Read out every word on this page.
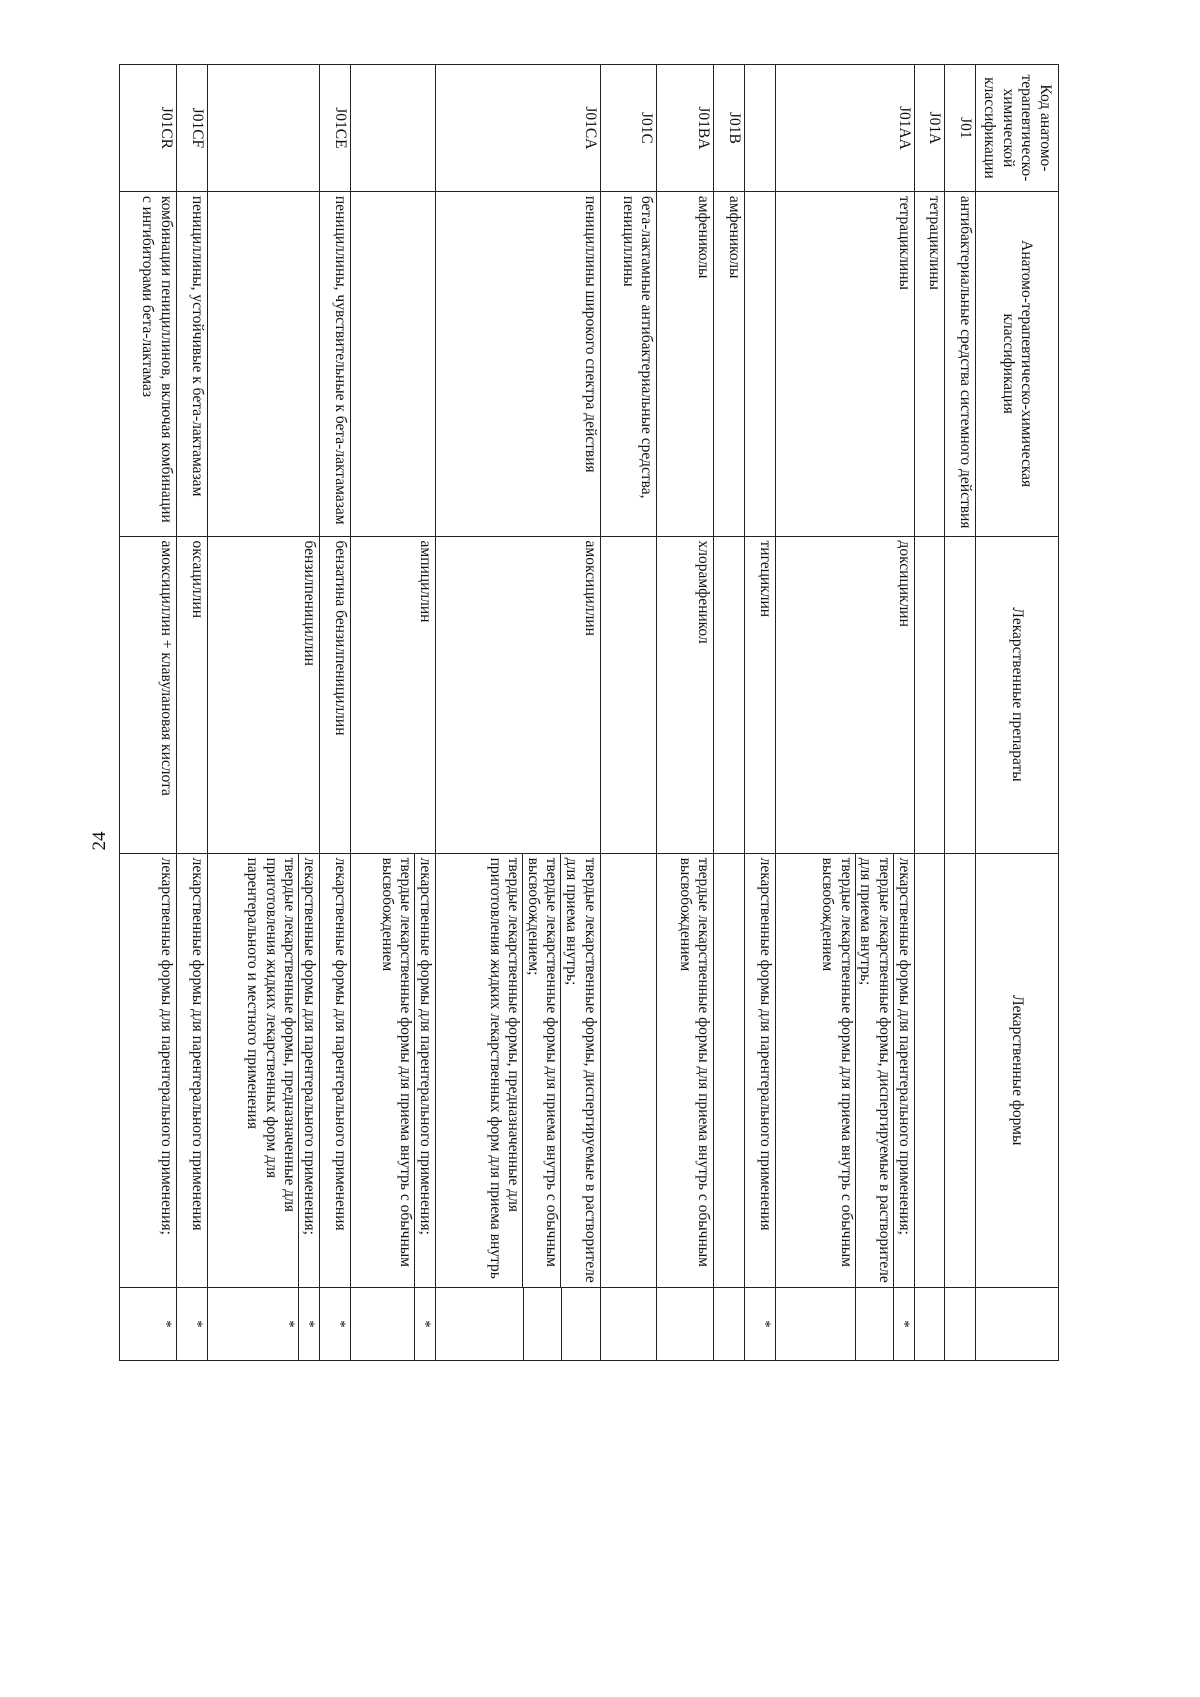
24
Код анатомо-терапевтическо-химической классификации	Анатомо-терапевтическо-химическая классификация	Лекарственные препараты	Лекарственные формы	
J01	антибактериальные средства системного действия		

J01A	тетрациклины		

J01AA	тетрациклины	доксициклин	лекарственные формы для парентерального применения;
твердые лекарственные формы, диспергируемые в растворителе для приема внутрь;
твердые лекарственные формы для приема внутрь с обычным высвобождением	*

		тигециклин	лекарственные формы для парентерального применения	*

J01B	амфениколы		

J01BA	амфениколы	хлорамфеникол	твердые лекарственные формы для приема внутрь с обычным высвобождением	

J01C	бета-лактамные антибактериальные средства, пенициллины		

J01CA	пенициллины широкого спектра действия	амоксициллин	твердые лекарственные формы, диспергируемые в растворителе для приема внутрь;
твердые лекарственные формы для приема внутрь с обычным высвобождением;
твердые лекарственные формы, предназначенные для приготовления жидких лекарственных форм для приема внутрь	

		ампициллин	лекарственные формы для парентерального применения;
твердые лекарственные формы для приема внутрь с обычным высвобождением	*

J01CE	пенициллины, чувствительные к бета-лактамазам	бензатина бензилпенициллин	лекарственные формы для парентерального применения	*

		бензилпенициллин	лекарственные формы для парентерального применения;
твердые лекарственные формы, предназначенные для приготовления жидких лекарственных форм для парентерального и местного применения	*
*

J01CF	пенициллины, устойчивые к бета-лактамазам	оксациллин	лекарственные формы для парентерального применения	*

J01CR	комбинации пенициллинов, включая комбинации с ингибиторами бета-лактамаз	амоксициллин + клавулановая кислота	лекарственные формы для парентерального применения;	*
